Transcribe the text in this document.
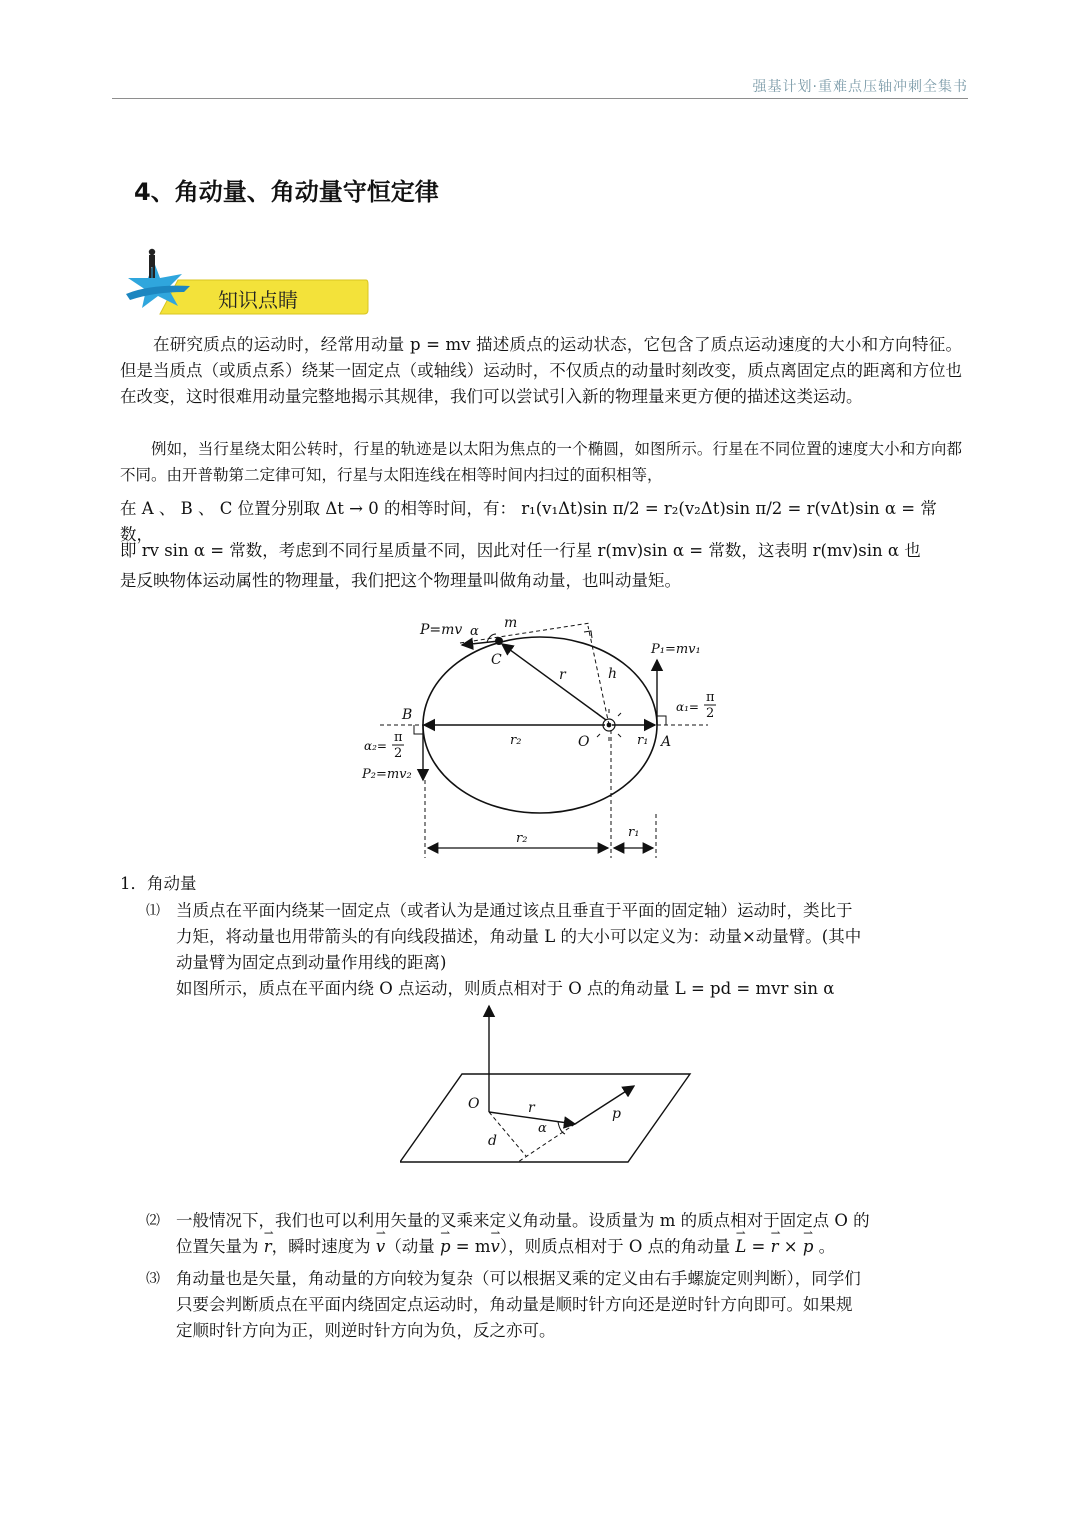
强基计划·重难点压轴冲刺全集书
4、角动量、角动量守恒定律
知识点睛

在研究质点的运动时，经常用动量 p = mv 描述质点的运动状态，它包含了质点运动速度的大小和方向特征。但是当质点（或质点系）绕某一固定点（或轴线）运动时，不仅质点的动量时刻改变，质点离固定点的距离和方位也在改变，这时很难用动量完整地揭示其规律，我们可以尝试引入新的物理量来更方便的描述这类运动。

例如，当行星绕太阳公转时，行星的轨迹是以太阳为焦点的一个椭圆，如图所示。行星在不同位置的速度大小和方向都不同。由开普勒第二定律可知，行星与太阳连线在相等时间内扫过的面积相等，

在 A 、 B 、 C 位置分别取 Δt → 0 的相等时间，有： r₁(v₁Δt)sin π/2 = r₂(v₂Δt)sin π/2 = r(vΔt)sin α = 常数，
即 rv sin α = 常数，考虑到不同行星质量不同，因此对任一行星 r(mv)sin α = 常数，这表明 r(mv)sin α 也
是反映物体运动属性的物理量，我们把这个物理量叫做角动量，也叫动量矩。
P=mv α
m
C
r	h
P₁=mv₁
α₁=
π
2
B
α₂=
π
2
r₂	O	r₁ A
P₂=mv₂
r₂	r₁
1．角动量
⑴ 当质点在平面内绕某一固定点（或者认为是通过该点且垂直于平面的固定轴）运动时，类比于

力矩，将动量也用带箭头的有向线段描述，角动量 L 的大小可以定义为：动量×动量臂。(其中

动量臂为固定点到动量作用线的距离)

如图所示，质点在平面内绕 O 点运动，则质点相对于 O 点的角动量 L = pd = mvr sin α

O	r	p
α
d
⑵ 一般情况下，我们也可以利用矢量的叉乘来定义角动量。设质量为 m 的质点相对于固定点 O 的

位置矢量为 ⇀ r，瞬时速度为 ⇀ v（动量 ⇀ p = m⇀ v），则质点相对于 O 点的角动量 ⇀ L = ⇀ r × ⇀ p 。

⑶ 角动量也是矢量，角动量的方向较为复杂（可以根据叉乘的定义由右手螺旋定则判断），同学们

只要会判断质点在平面内绕固定点运动时，角动量是顺时针方向还是逆时针方向即可。如果规

定顺时针方向为正，则逆时针方向为负，反之亦可。
